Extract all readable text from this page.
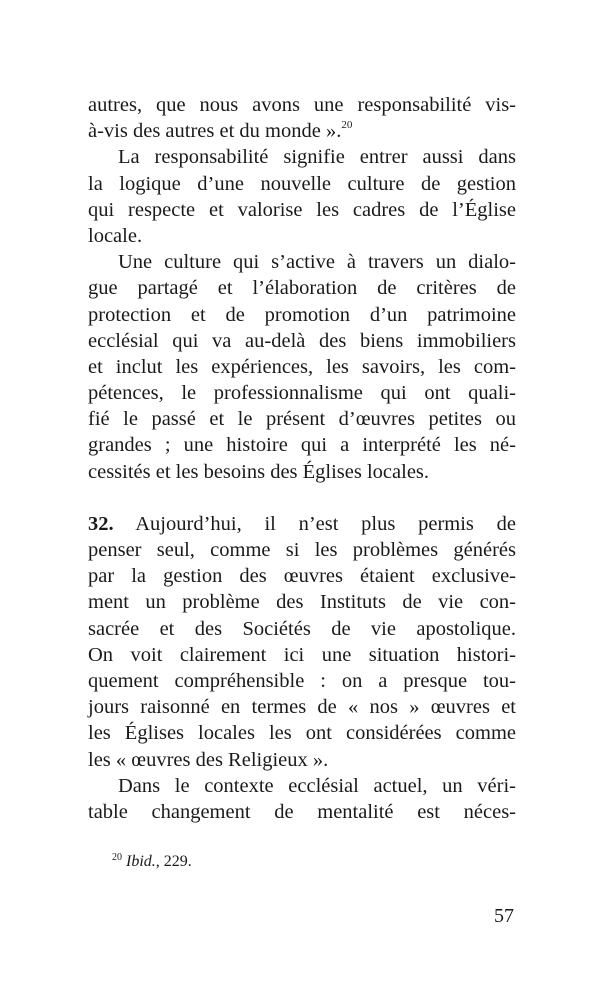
autres, que nous avons une responsabilité vis-
à-vis des autres et du monde ».$^{20}$
La responsabilité signifie entrer aussi dans
la logique d’une nouvelle culture de gestion
qui respecte et valorise les cadres de l’Église
locale.
Une culture qui s’active à travers un dialo-
gue partagé et l’élaboration de critères de
protection et de promotion d’un patrimoine
ecclésial qui va au-delà des biens immobiliers
et inclut les expériences, les savoirs, les com-
pétences, le professionnalisme qui ont quali-
fié le passé et le présent d’œuvres petites ou
grandes ; une histoire qui a interprété les né-
cessités et les besoins des Églises locales.
32. Aujourd’hui, il n’est plus permis de
penser seul, comme si les problèmes générés
par la gestion des œuvres étaient exclusive-
ment un problème des Instituts de vie con-
sacrée et des Sociétés de vie apostolique.
On voit clairement ici une situation histori-
quement compréhensible : on a presque tou-
jours raisonné en termes de « nos » œuvres et
les Églises locales les ont considérées comme
les « œuvres des Religieux ».
Dans le contexte ecclésial actuel, un véri-
table changement de mentalité est néces-
$^{20}$ Ibid., 229.
57
